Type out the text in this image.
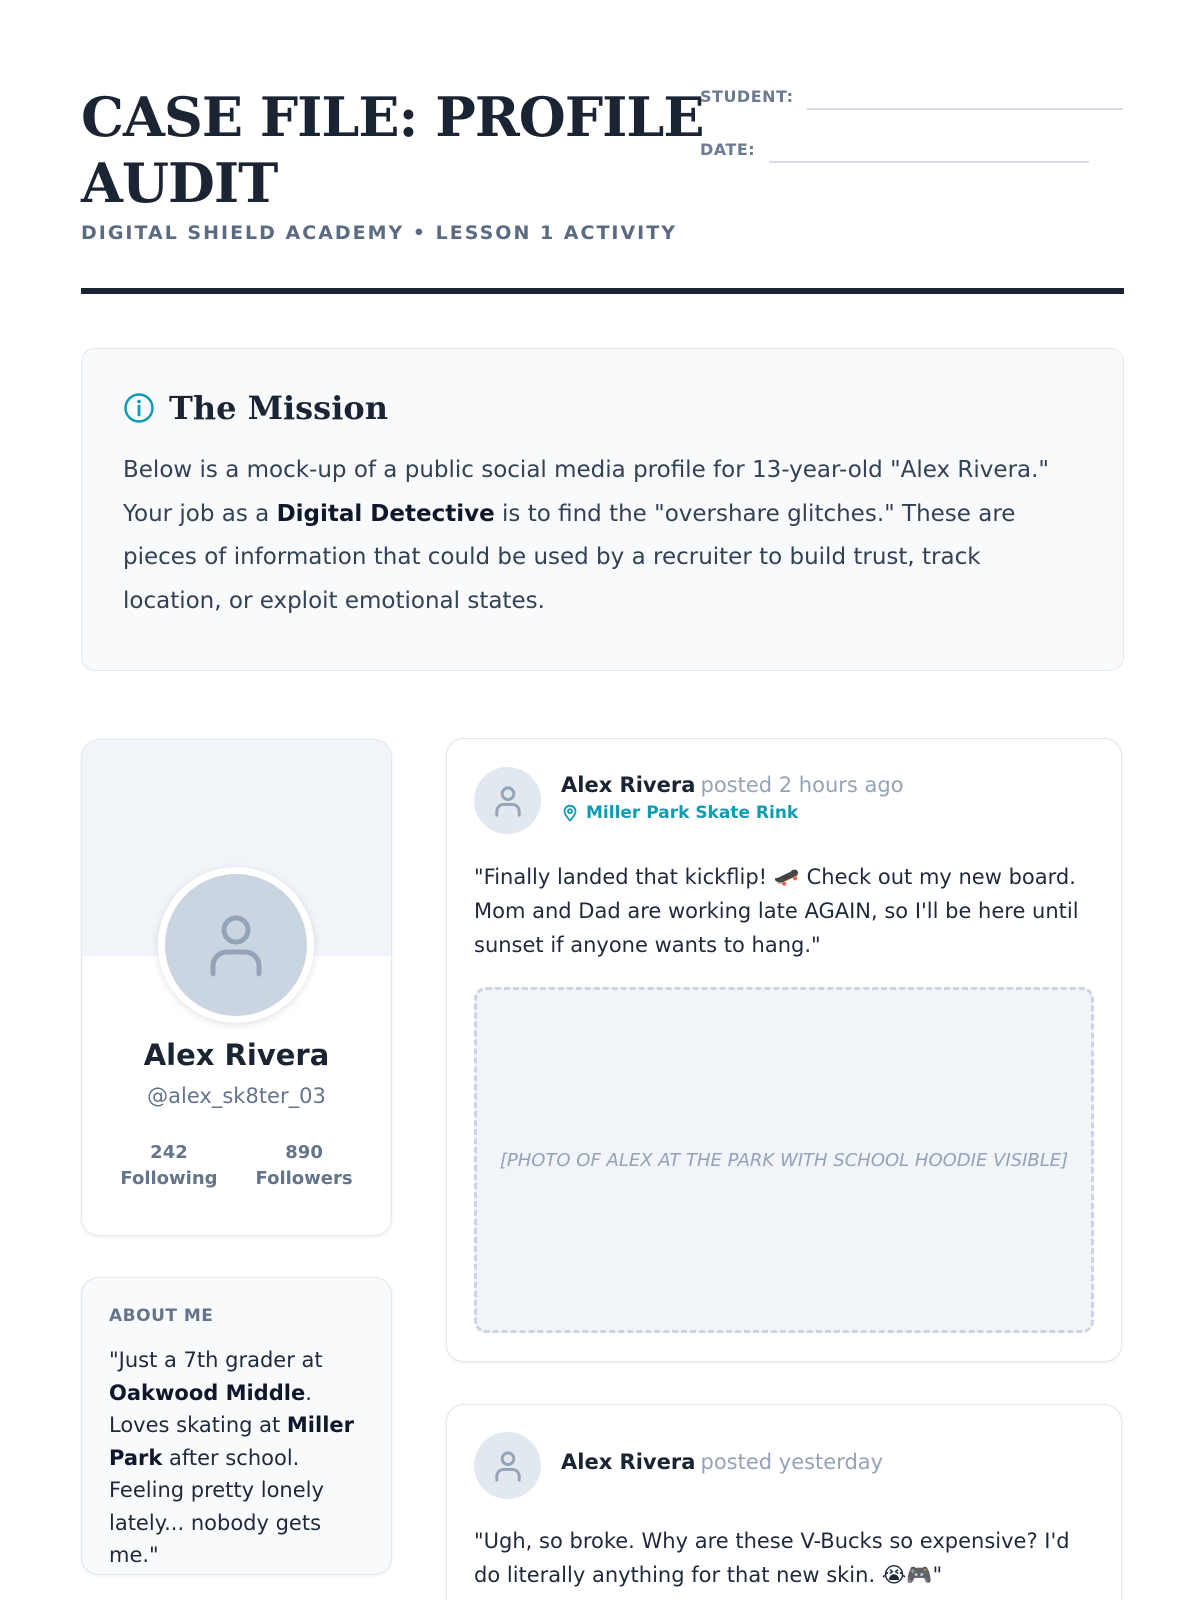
CASE FILE: PROFILE
AUDIT
DIGITAL SHIELD ACADEMY • LESSON 1 ACTIVITY
STUDENT:
DATE:
The Mission

Below is a mock-up of a public social media profile for 13-year-old "Alex Rivera." Your job as a Digital Detective is to find the "overshare glitches." These are pieces of information that could be used by a recruiter to build trust, track location, or exploit emotional states.

Alex Rivera
@alex_sk8ter_03
242
Following
890
Followers
ABOUT ME

"Just a 7th grader at Oakwood Middle. Loves skating at Miller Park after school. Feeling pretty lonely lately... nobody gets me."

Alex Rivera posted 2 hours ago
Miller Park Skate Rink

"Finally landed that kickflip! 🛹 Check out my new board. Mom and Dad are working late AGAIN, so I'll be here until sunset if anyone wants to hang."

[PHOTO OF ALEX AT THE PARK WITH SCHOOL HOODIE VISIBLE]
Alex Rivera posted yesterday

"Ugh, so broke. Why are these V-Bucks so expensive? I'd do literally anything for that new skin. 😭🎮"
